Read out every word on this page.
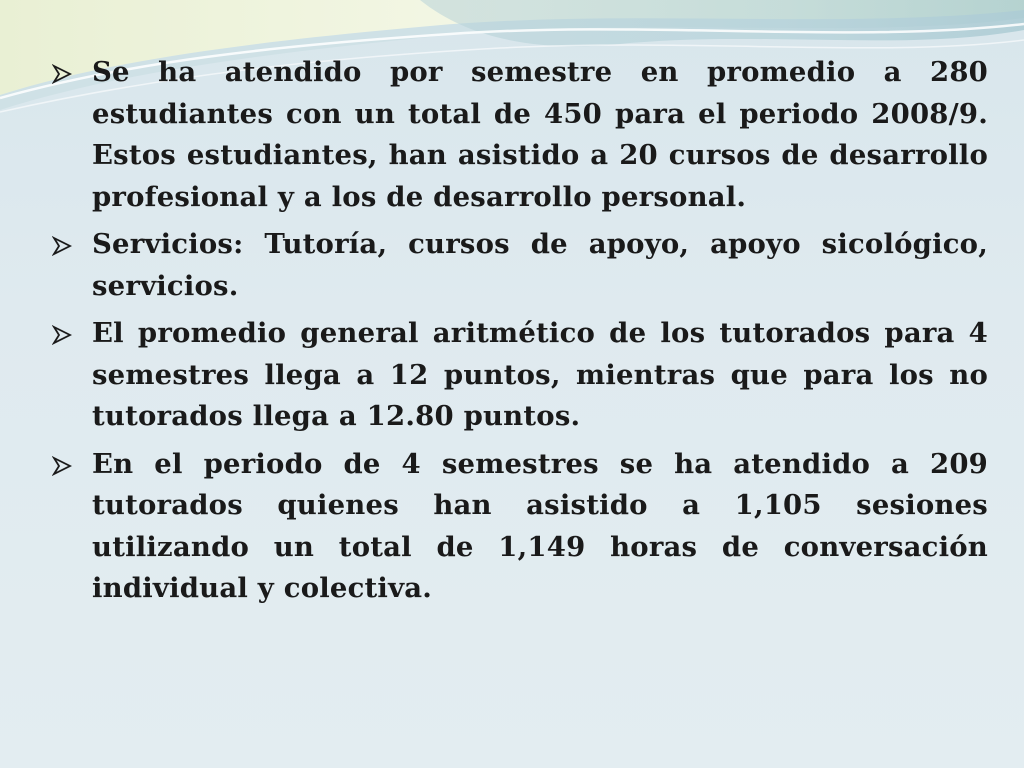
Se ha atendido por semestre en promedio a 280 estudiantes con un total de 450 para el periodo 2008/9. Estos estudiantes, han asistido a 20 cursos de desarrollo profesional y a los de desarrollo personal.
Servicios: Tutoría, cursos de apoyo, apoyo sicológico, servicios.
El promedio general aritmético de los tutorados para 4 semestres llega a 12 puntos, mientras que para los no tutorados llega a 12.80 puntos.
En el periodo de 4 semestres se ha atendido a 209 tutorados quienes han asistido a 1,105 sesiones utilizando un total de 1,149 horas de conversación individual y colectiva.
